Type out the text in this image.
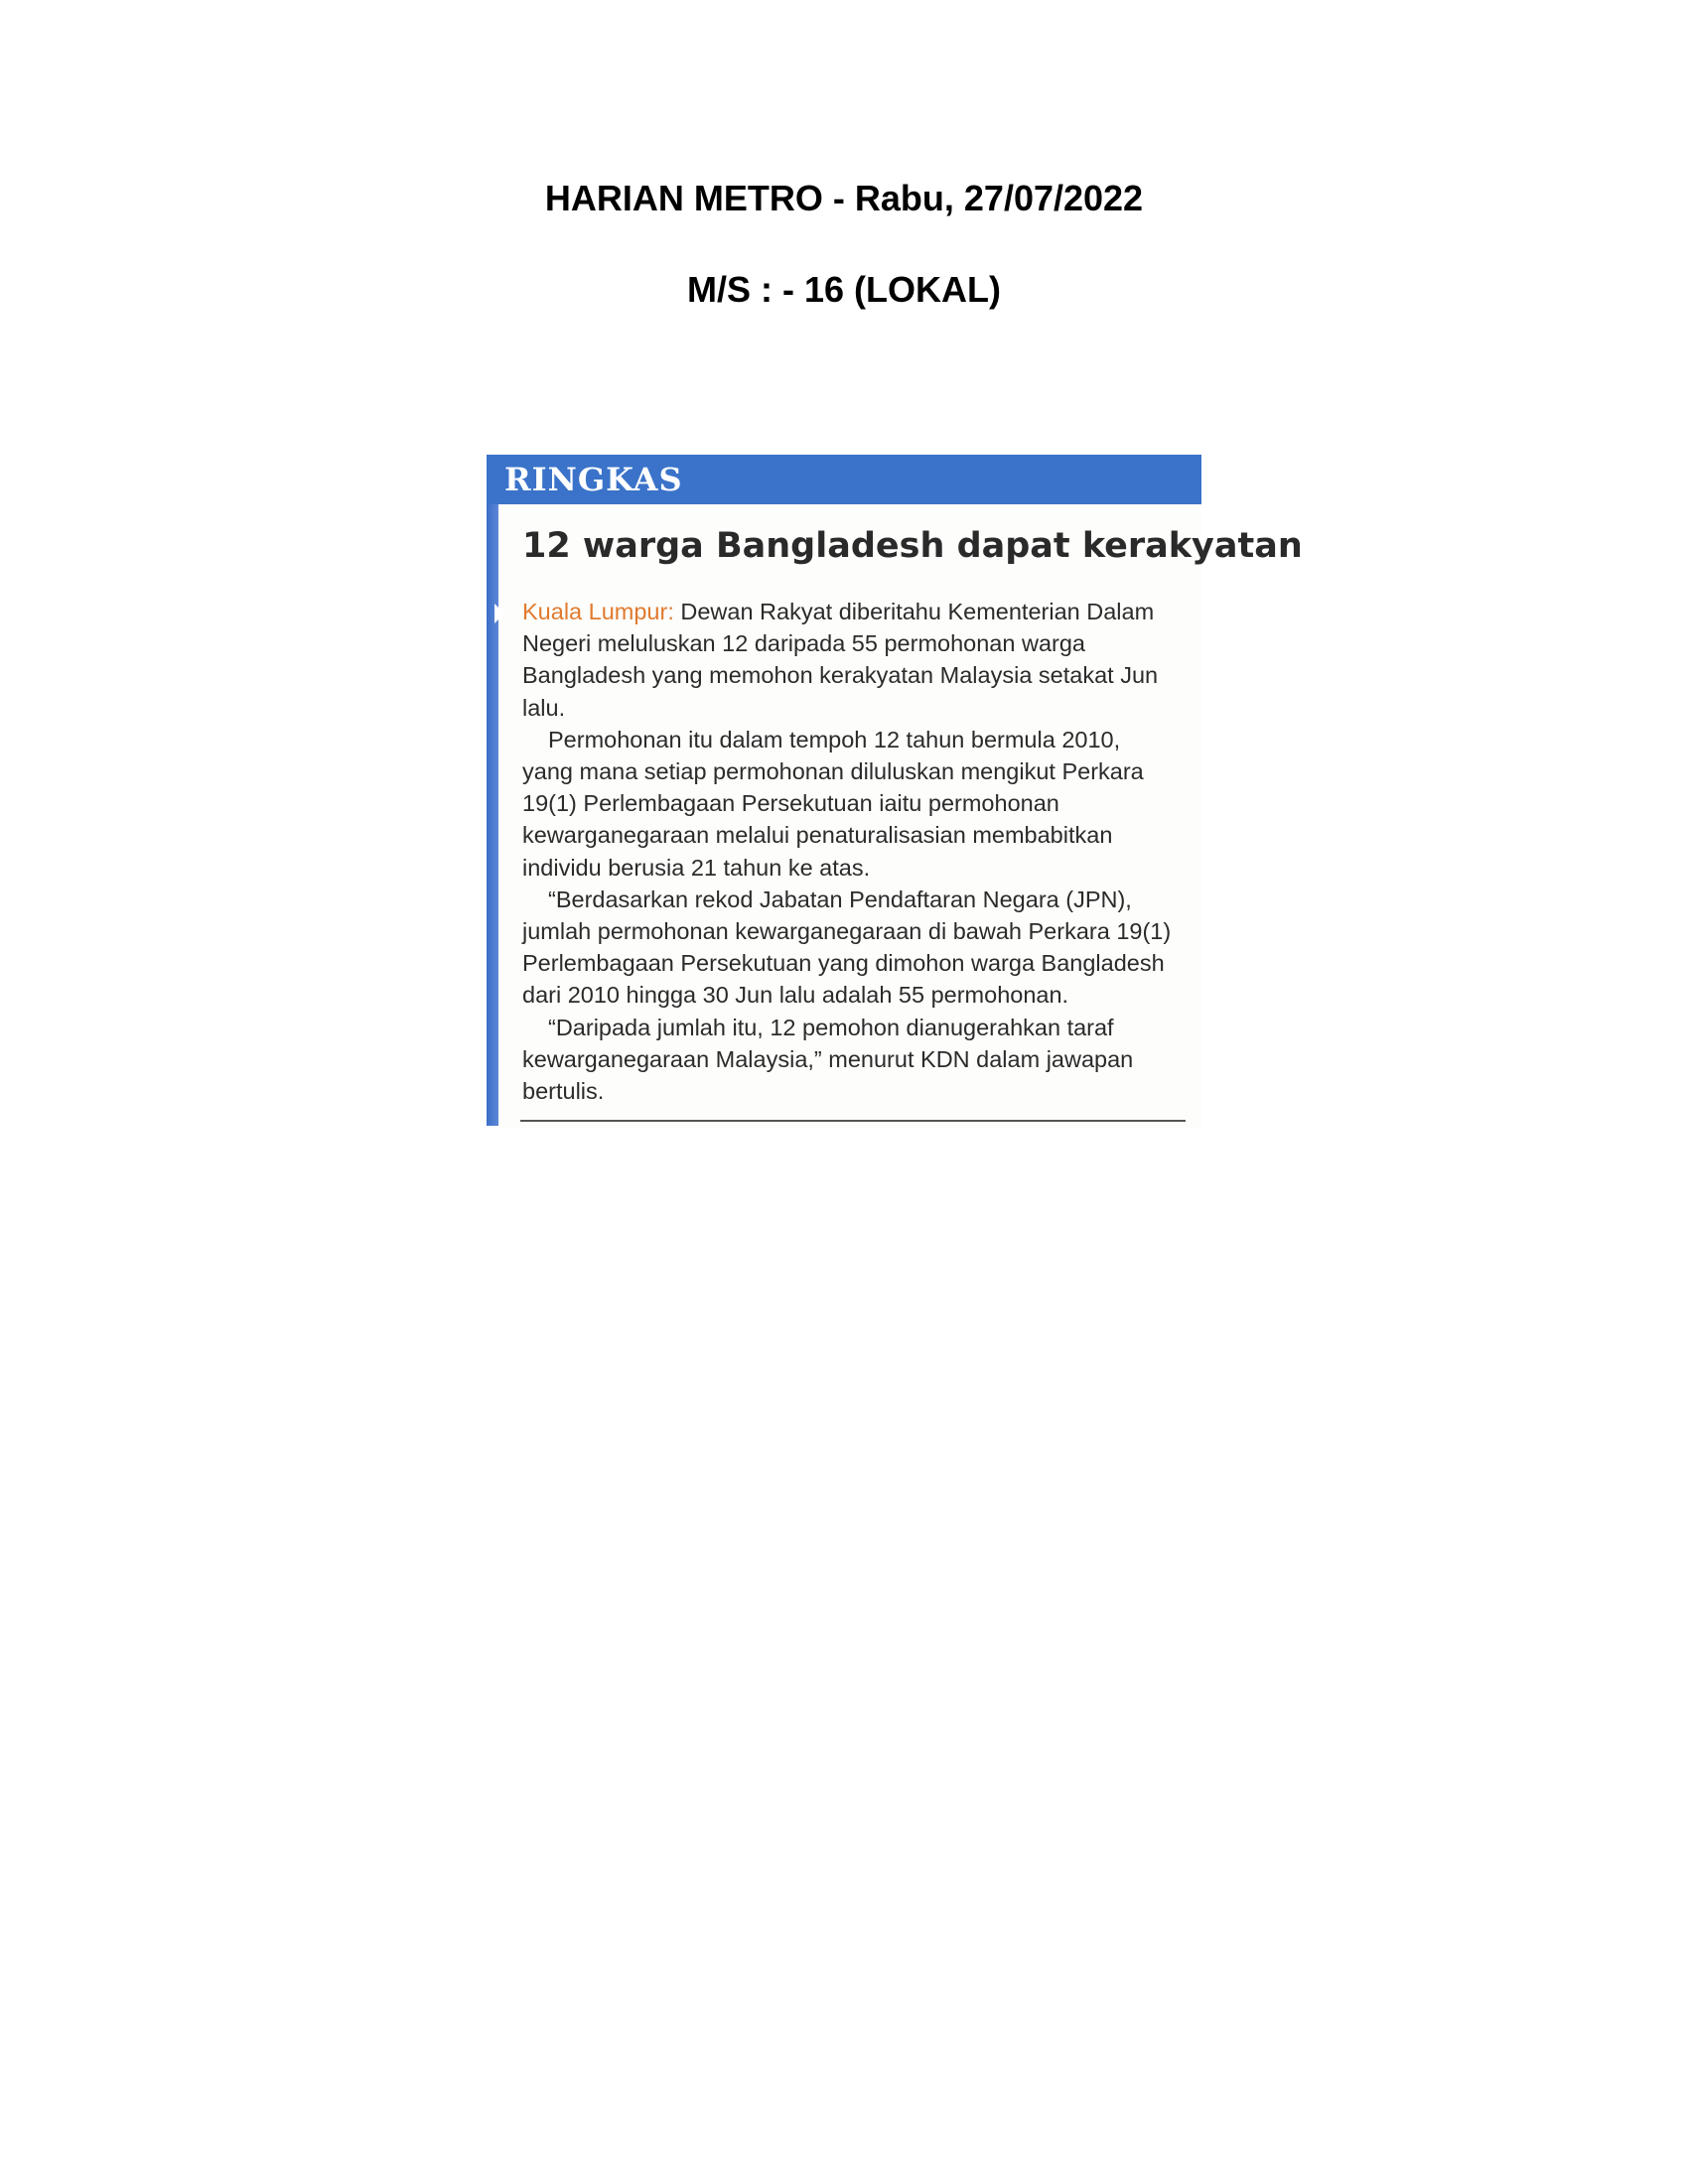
HARIAN METRO - Rabu, 27/07/2022
M/S : - 16 (LOKAL)
RINGKAS
12 warga Bangladesh dapat kerakyatan
Kuala Lumpur: Dewan Rakyat diberitahu Kementerian Dalam
Negeri meluluskan 12 daripada 55 permohonan warga
Bangladesh yang memohon kerakyatan Malaysia setakat Jun
lalu.
Permohonan itu dalam tempoh 12 tahun bermula 2010,
yang mana setiap permohonan diluluskan mengikut Perkara
19(1) Perlembagaan Persekutuan iaitu permohonan
kewarganegaraan melalui penaturalisasian membabitkan
individu berusia 21 tahun ke atas.
“Berdasarkan rekod Jabatan Pendaftaran Negara (JPN),
jumlah permohonan kewarganegaraan di bawah Perkara 19(1)
Perlembagaan Persekutuan yang dimohon warga Bangladesh
dari 2010 hingga 30 Jun lalu adalah 55 permohonan.
“Daripada jumlah itu, 12 pemohon dianugerahkan taraf
kewarganegaraan Malaysia,” menurut KDN dalam jawapan
bertulis.
